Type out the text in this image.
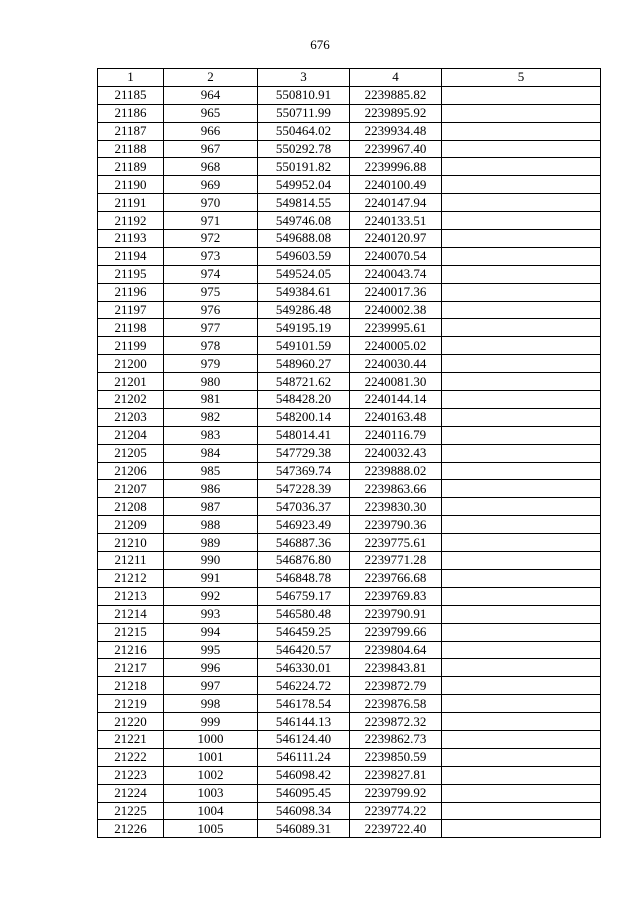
676
1	2	3	4	5
21185	964	550810.91	2239885.82	
21186	965	550711.99	2239895.92	
21187	966	550464.02	2239934.48	
21188	967	550292.78	2239967.40	
21189	968	550191.82	2239996.88	
21190	969	549952.04	2240100.49	
21191	970	549814.55	2240147.94	
21192	971	549746.08	2240133.51	
21193	972	549688.08	2240120.97	
21194	973	549603.59	2240070.54	
21195	974	549524.05	2240043.74	
21196	975	549384.61	2240017.36	
21197	976	549286.48	2240002.38	
21198	977	549195.19	2239995.61	
21199	978	549101.59	2240005.02	
21200	979	548960.27	2240030.44	
21201	980	548721.62	2240081.30	
21202	981	548428.20	2240144.14	
21203	982	548200.14	2240163.48	
21204	983	548014.41	2240116.79	
21205	984	547729.38	2240032.43	
21206	985	547369.74	2239888.02	
21207	986	547228.39	2239863.66	
21208	987	547036.37	2239830.30	
21209	988	546923.49	2239790.36	
21210	989	546887.36	2239775.61	
21211	990	546876.80	2239771.28	
21212	991	546848.78	2239766.68	
21213	992	546759.17	2239769.83	
21214	993	546580.48	2239790.91	
21215	994	546459.25	2239799.66	
21216	995	546420.57	2239804.64	
21217	996	546330.01	2239843.81	
21218	997	546224.72	2239872.79	
21219	998	546178.54	2239876.58	
21220	999	546144.13	2239872.32	
21221	1000	546124.40	2239862.73	
21222	1001	546111.24	2239850.59	
21223	1002	546098.42	2239827.81	
21224	1003	546095.45	2239799.92	
21225	1004	546098.34	2239774.22	
21226	1005	546089.31	2239722.40	
